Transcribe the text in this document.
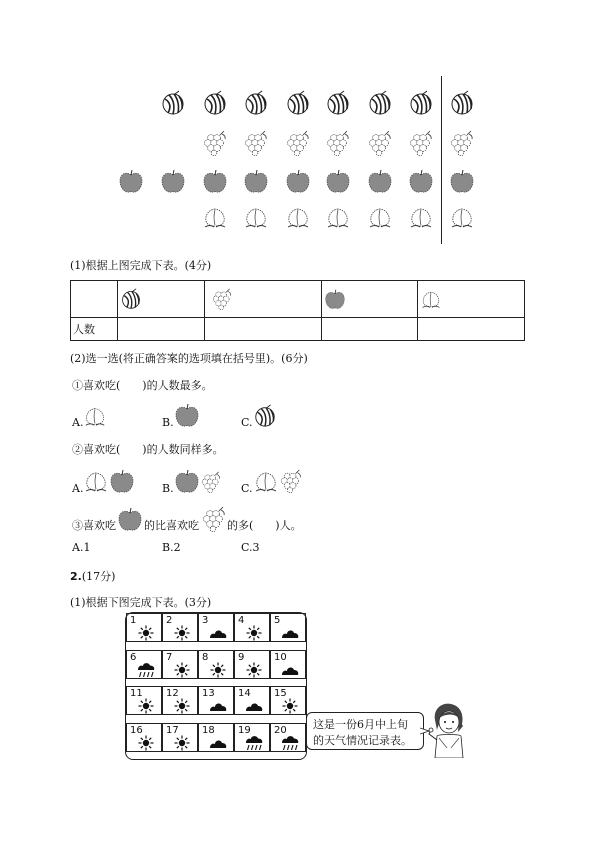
(1)根据上图完成下表。(4分)

人数				
(2)选一选(将正确答案的选项填在括号里)。(6分)
①喜欢吃(　　)的人数最多。
A.	B.	C.
②喜欢吃(　　)的人数同样多。
A.	B.	C.
③喜欢吃	的比喜欢吃	的多(　　)人。
A.1	B.2	C.3
2.(17分)
(1)根据下图完成下表。(3分)
1	2	3	4	5
6	7	8	9	10
11 12 13 14 15
16 17 18 19 20 这是一份6月中上旬
的天气情况记录表。
